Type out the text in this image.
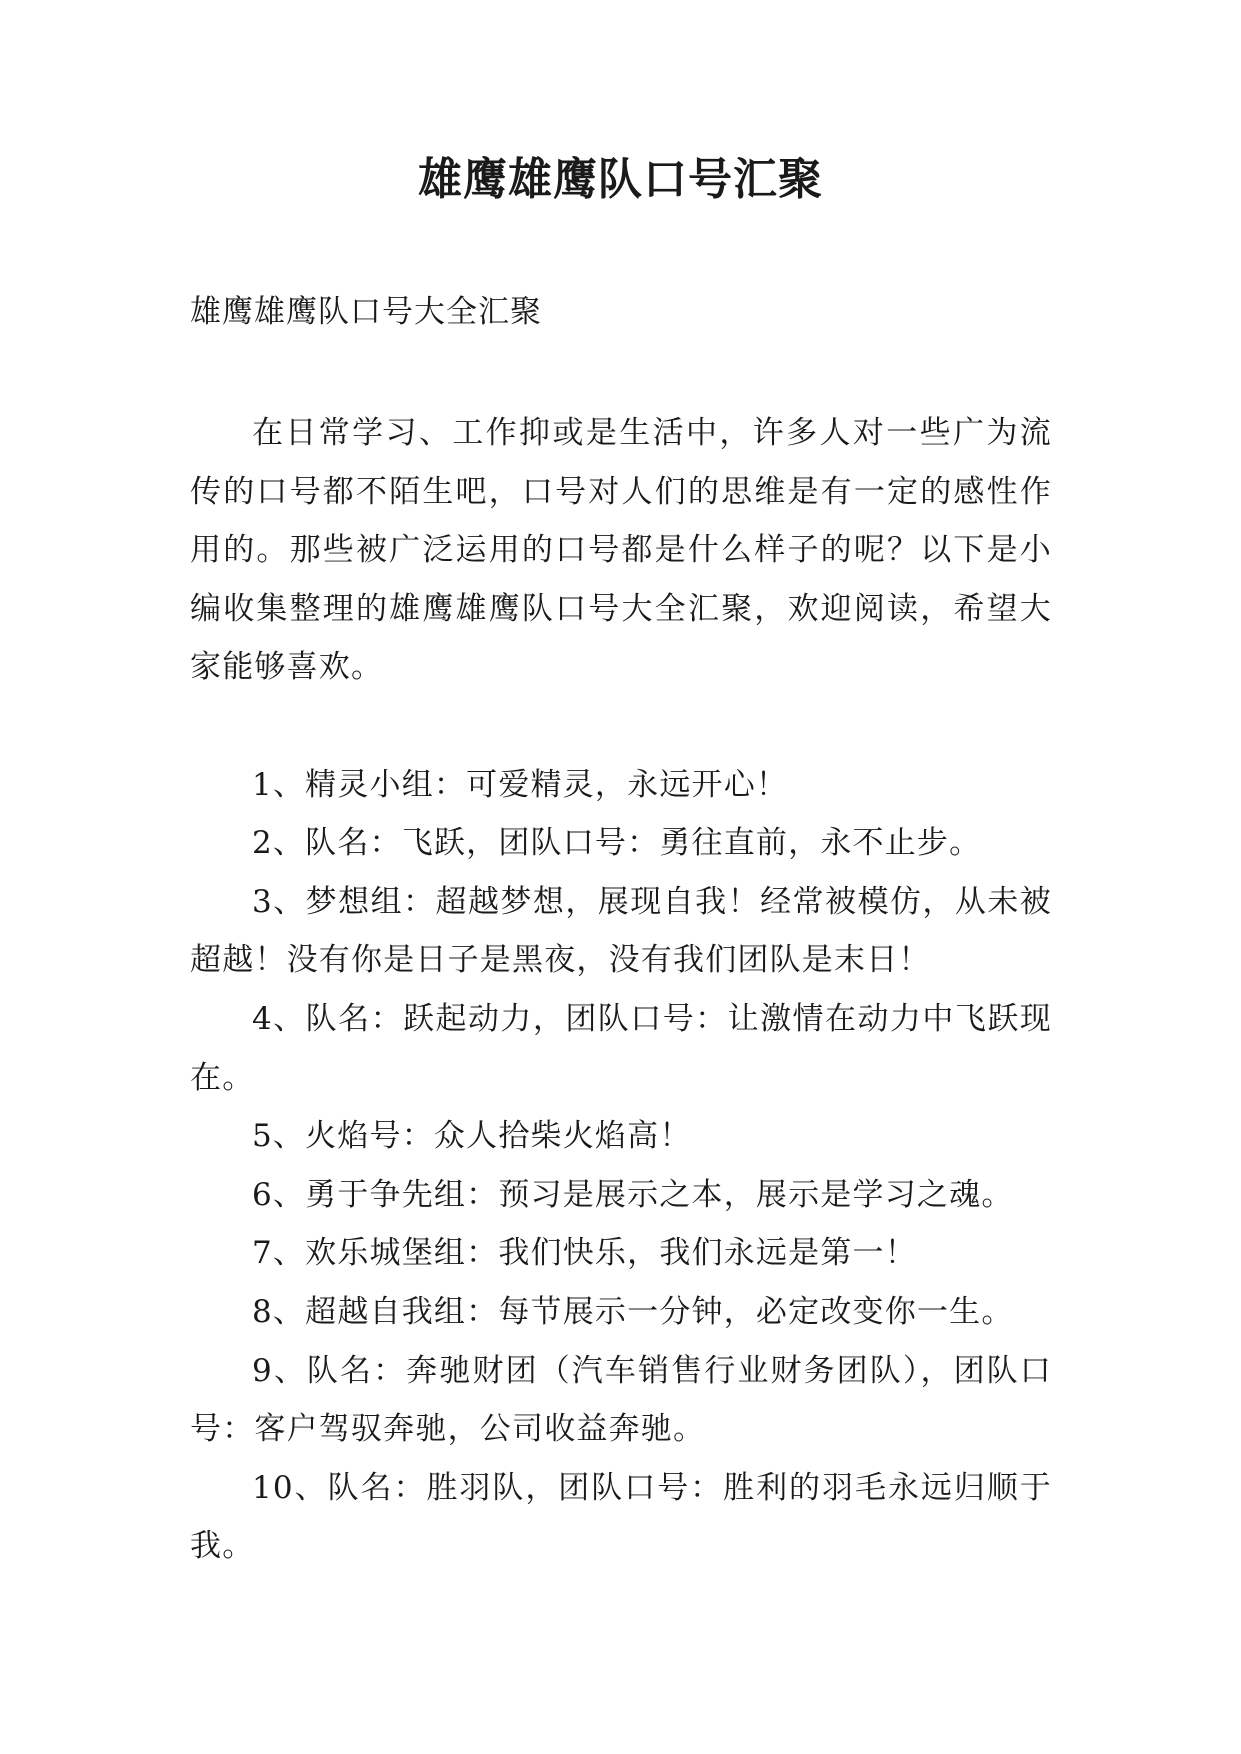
雄鹰雄鹰队口号汇聚

雄鹰雄鹰队口号大全汇聚

在日常学习、工作抑或是生活中，许多人对一些广为流传的口号都不陌生吧，口号对人们的思维是有一定的感性作用的。那些被广泛运用的口号都是什么样子的呢？以下是小编收集整理的雄鹰雄鹰队口号大全汇聚，欢迎阅读，希望大家能够喜欢。

1、精灵小组：可爱精灵，永远开心！

2、队名：飞跃，团队口号：勇往直前，永不止步。

3、梦想组：超越梦想，展现自我！经常被模仿，从未被超越！没有你是日子是黑夜，没有我们团队是末日！

4、队名：跃起动力，团队口号：让激情在动力中飞跃现在。

5、火焰号：众人拾柴火焰高！

6、勇于争先组：预习是展示之本，展示是学习之魂。

7、欢乐城堡组：我们快乐，我们永远是第一！

8、超越自我组：每节展示一分钟，必定改变你一生。

9、队名：奔驰财团（汽车销售行业财务团队），团队口号：客户驾驭奔驰，公司收益奔驰。

10、队名：胜羽队，团队口号：胜利的羽毛永远归顺于我。
